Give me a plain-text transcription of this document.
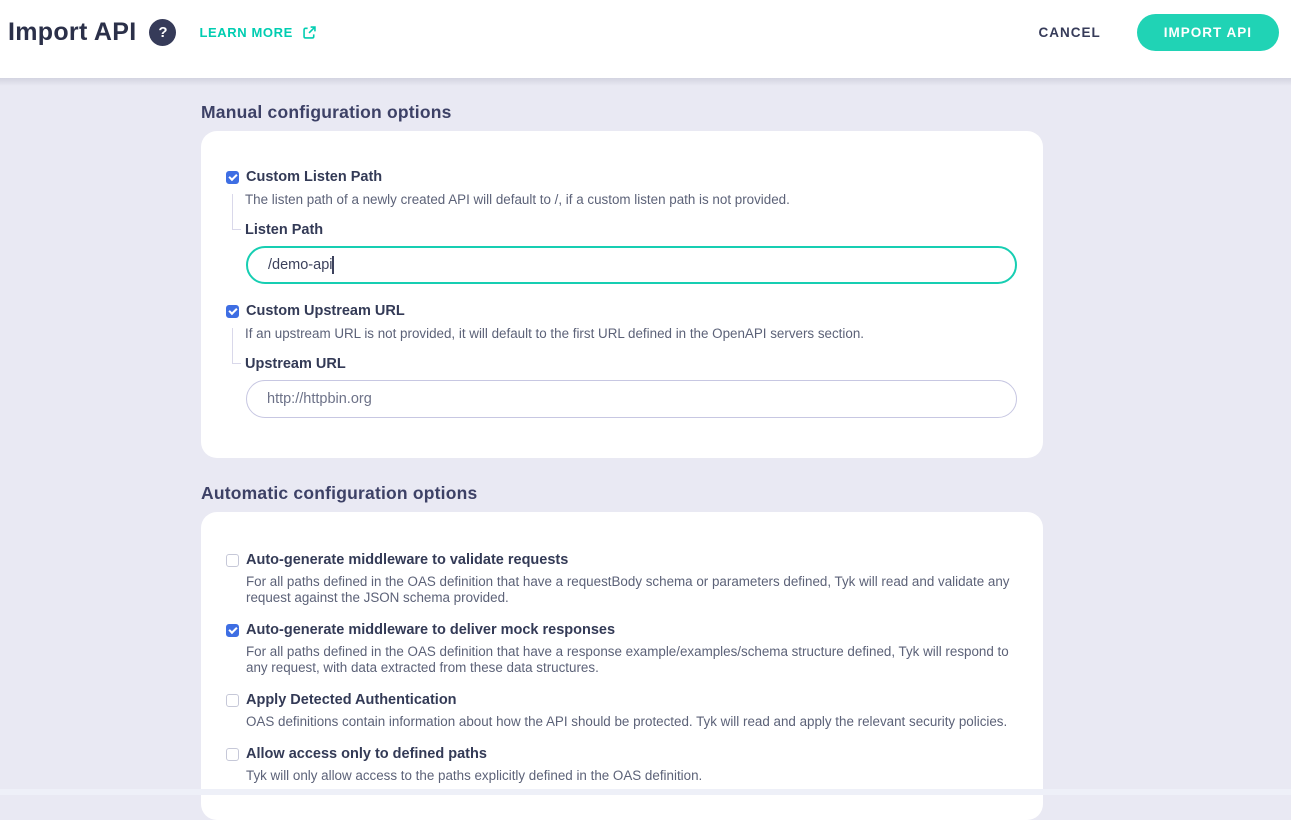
Import API ? LEARN MORE	CANCEL	IMPORT API
Manual configuration options
Custom Listen Path
The listen path of a newly created API will default to /, if a custom listen path is not provided.
Listen Path
/demo-api
Custom Upstream URL
If an upstream URL is not provided, it will default to the first URL defined in the OpenAPI servers section.
Upstream URL
http://httpbin.org
Automatic configuration options
Auto-generate middleware to validate requests
For all paths defined in the OAS definition that have a requestBody schema or parameters defined, Tyk will read and validate any request against the JSON schema provided.
Auto-generate middleware to deliver mock responses
For all paths defined in the OAS definition that have a response example/examples/schema structure defined, Tyk will respond to any request, with data extracted from these data structures.
Apply Detected Authentication
OAS definitions contain information about how the API should be protected. Tyk will read and apply the relevant security policies.
Allow access only to defined paths
Tyk will only allow access to the paths explicitly defined in the OAS definition.
